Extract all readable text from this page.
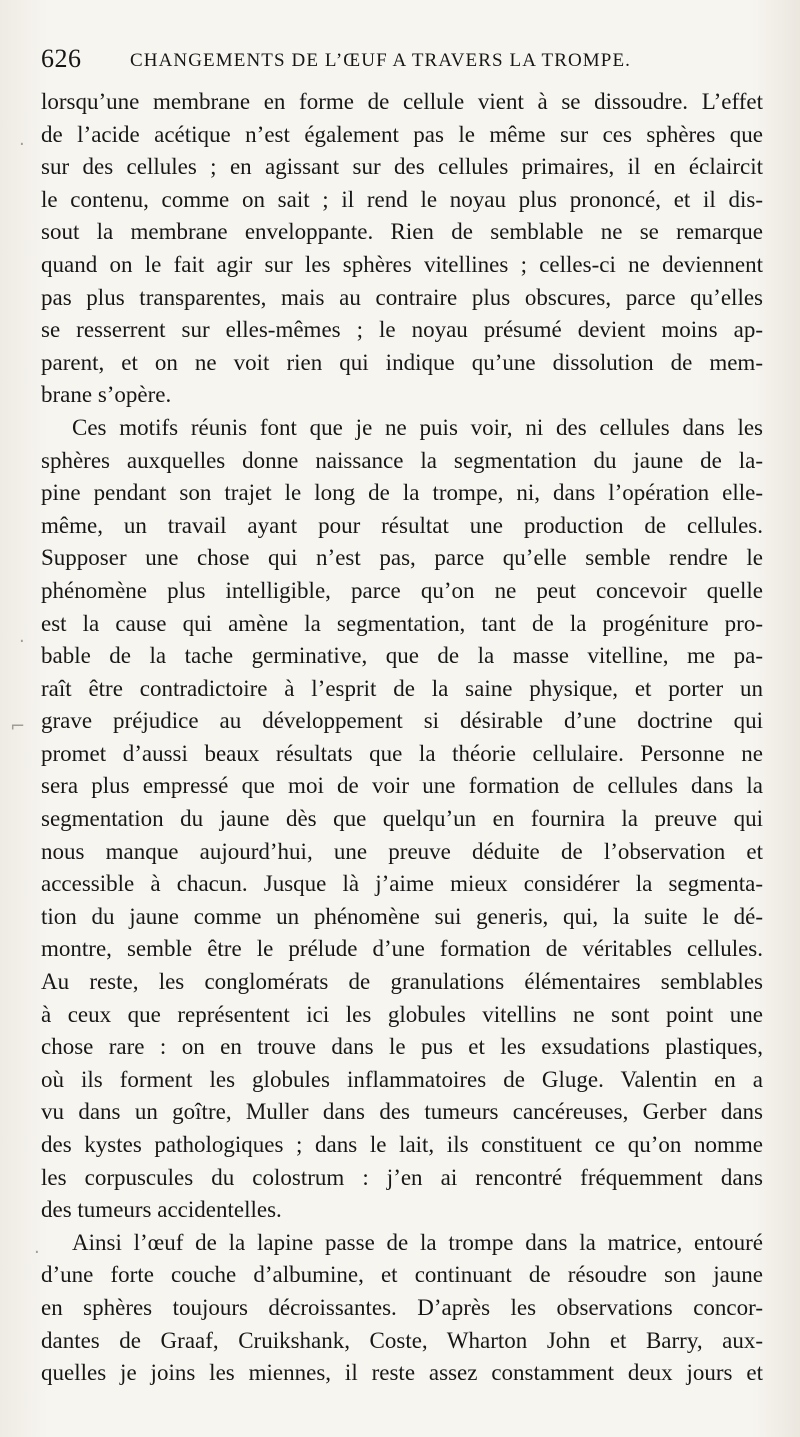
626	CHANGEMENTS DE L’ŒUF A TRAVERS LA TROMPE.
lorsqu’une membrane en forme de cellule vient à se dissoudre. L’effet
de l’acide acétique n’est également pas le même sur ces sphères que
sur des cellules ; en agissant sur des cellules primaires, il en éclaircit
le contenu, comme on sait ; il rend le noyau plus prononcé, et il dis-
sout la membrane enveloppante. Rien de semblable ne se remarque
quand on le fait agir sur les sphères vitellines ; celles-ci ne deviennent
pas plus transparentes, mais au contraire plus obscures, parce qu’elles
se resserrent sur elles-mêmes ; le noyau présumé devient moins ap-
parent, et on ne voit rien qui indique qu’une dissolution de mem-
brane s’opère.
Ces motifs réunis font que je ne puis voir, ni des cellules dans les
sphères auxquelles donne naissance la segmentation du jaune de la-
pine pendant son trajet le long de la trompe, ni, dans l’opération elle-
même, un travail ayant pour résultat une production de cellules.
Supposer une chose qui n’est pas, parce qu’elle semble rendre le
phénomène plus intelligible, parce qu’on ne peut concevoir quelle
est la cause qui amène la segmentation, tant de la progéniture pro-
bable de la tache germinative, que de la masse vitelline, me pa-
raît être contradictoire à l’esprit de la saine physique, et porter un
grave préjudice au développement si désirable d’une doctrine qui
promet d’aussi beaux résultats que la théorie cellulaire. Personne ne
sera plus empressé que moi de voir une formation de cellules dans la
segmentation du jaune dès que quelqu’un en fournira la preuve qui
nous manque aujourd’hui, une preuve déduite de l’observation et
accessible à chacun. Jusque là j’aime mieux considérer la segmenta-
tion du jaune comme un phénomène sui generis, qui, la suite le dé-
montre, semble être le prélude d’une formation de véritables cellules.
Au reste, les conglomérats de granulations élémentaires semblables
à ceux que représentent ici les globules vitellins ne sont point une
chose rare : on en trouve dans le pus et les exsudations plastiques,
où ils forment les globules inflammatoires de Gluge. Valentin en a
vu dans un goître, Muller dans des tumeurs cancéreuses, Gerber dans
des kystes pathologiques ; dans le lait, ils constituent ce qu’on nomme
les corpuscules du colostrum : j’en ai rencontré fréquemment dans
des tumeurs accidentelles.
Ainsi l’œuf de la lapine passe de la trompe dans la matrice, entouré
d’une forte couche d’albumine, et continuant de résoudre son jaune
en sphères toujours décroissantes. D’après les observations concor-
dantes de Graaf, Cruikshank, Coste, Wharton John et Barry, aux-
quelles je joins les miennes, il reste assez constamment deux jours et
·
·
⌐
·
